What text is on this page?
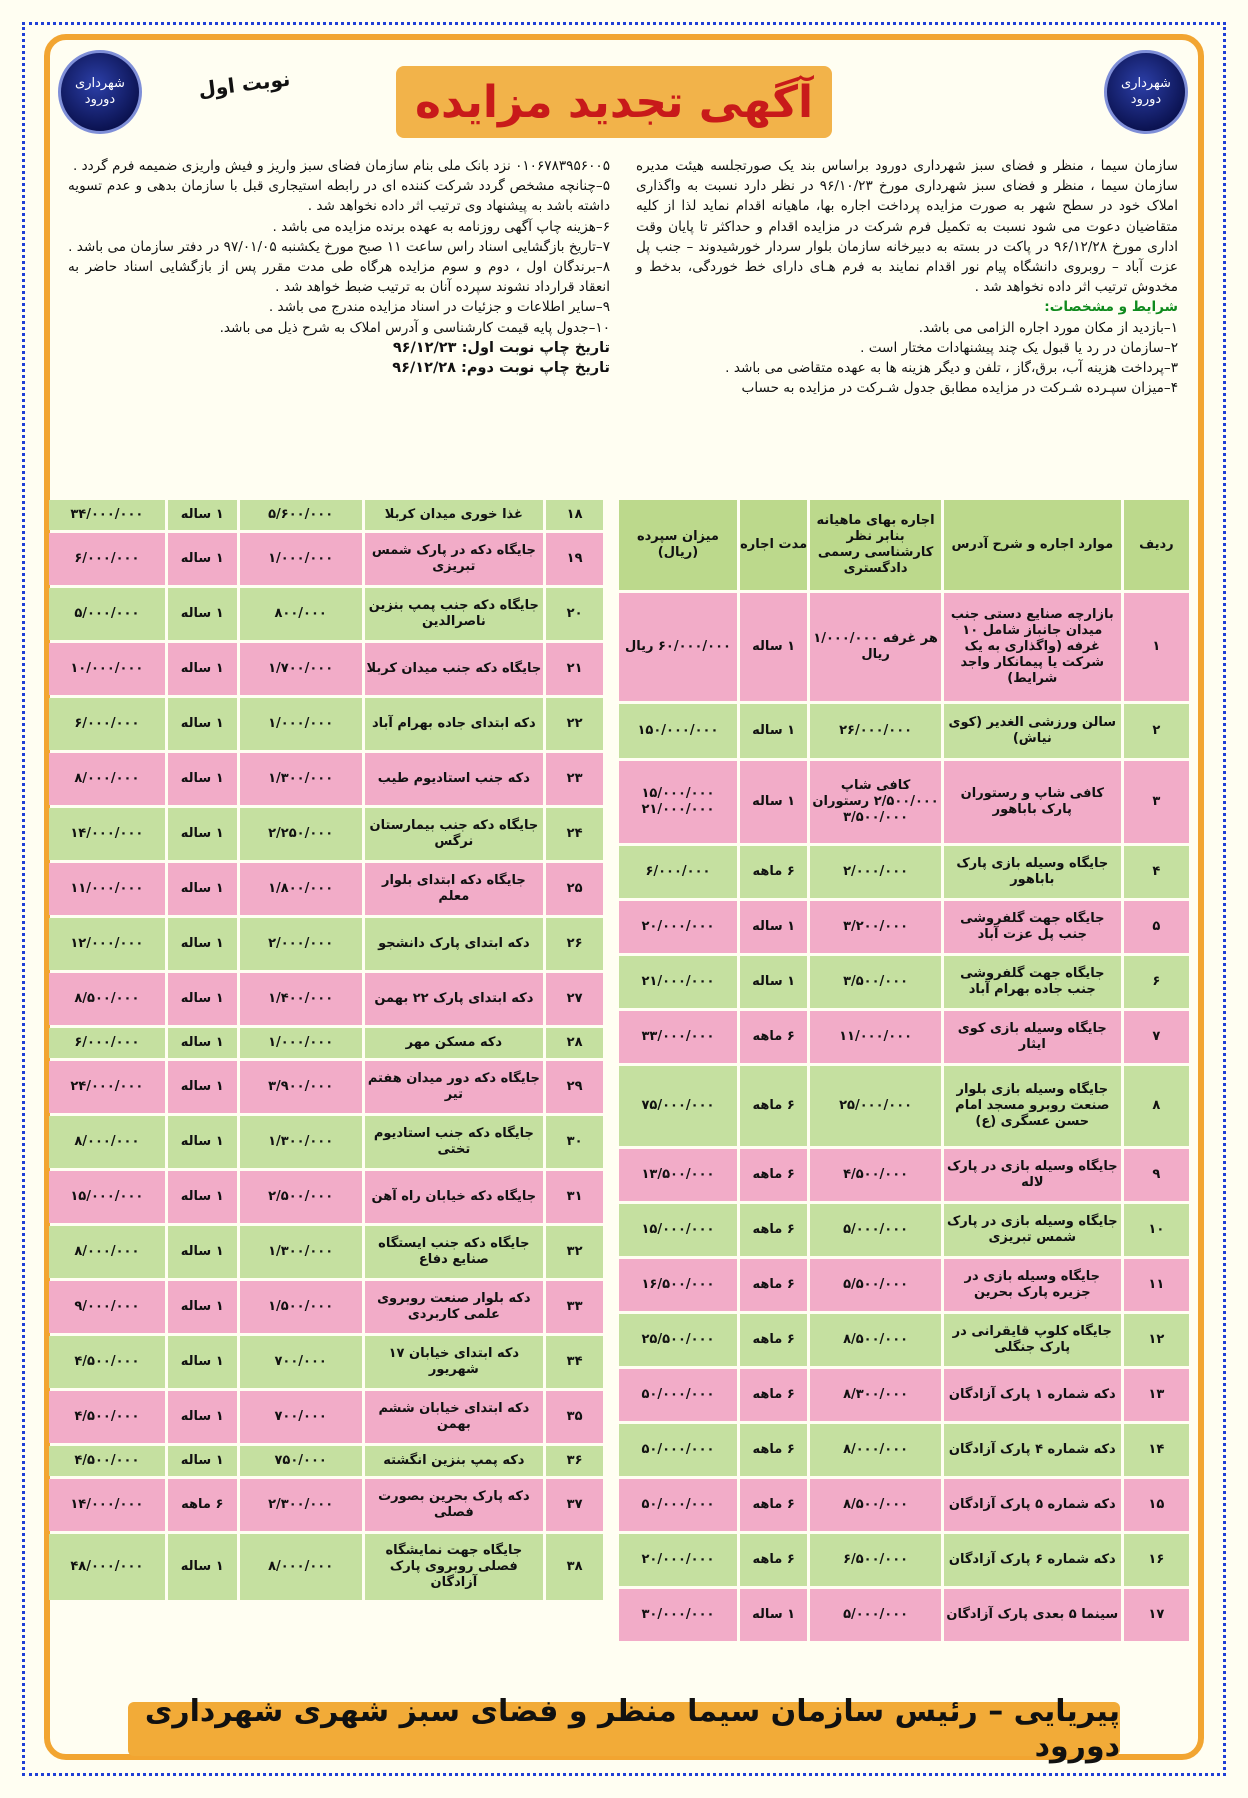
شهرداری دورود
شهرداری دورود	آگهی تجدید مزایده
نوبت اول

سازمان سیما ، منظر و فضای سبز شهرداری دورود براساس بند یک صورتجلسه هیئت مدیره سازمان سیما ، منظر و فضای سبز شهرداری مورخ ۹۶/۱۰/۲۳ در نظر دارد نسبت به واگذاری املاک خود در سطح شهر به صورت مزایده پرداخت اجاره بها، ماهیانه اقدام نماید لذا از کلیه متقاضیان دعوت می شود نسبت به تکمیل فرم شرکت در مزایده اقدام و حداکثر تا پایان وقت اداری مورخ ۹۶/۱۲/۲۸ در پاکت در بسته به دبیرخانه سازمان بلوار سردار خورشیدوند – جنب پل عزت آباد – روبروی دانشگاه پیام نور اقدام نمایند به فرم هـای دارای خط خوردگی، بدخط و مخدوش ترتیب اثر داده نخواهد شد .

شرایط و مشخصات:

۱–بازدید از مکان مورد اجاره الزامی می باشد.

۲–سازمان در رد یا قبول یک چند پیشنهادات مختار است .

۳–پرداخت هزینه آب، برق،گاز ، تلفن و دیگر هزینه ها به عهده متقاضی می باشد .

۴–میزان سپـرده شـرکت در مزایده مطابق جدول شـرکت در مزایده به حساب

۰۱۰۶۷۸۳۹۵۶۰۰۵ نزد بانک ملی بنام سازمان فضای سبز واریز و فیش واریزی ضمیمه فرم گردد .

۵–چنانچه مشخص گردد شرکت کننده ای در رابطه استیجاری قبل با سازمان بدهی و عدم تسویه داشته باشد به پیشنهاد وی ترتیب اثر داده نخواهد شد .

۶–هزینه چاپ آگهی روزنامه به عهده برنده مزایده می باشد .

۷–تاریخ بازگشایی اسناد راس ساعت ۱۱ صبح مورخ یکشنبه ۹۷/۰۱/۰۵ در دفتر سازمان می باشد .

۸–برندگان اول ، دوم و سوم مزایده هرگاه طی مدت مقرر پس از بازگشایی اسناد حاضر به انعقاد قرارداد نشوند سپرده آنان به ترتیب ضبط خواهد شد .

۹–سایر اطلاعات و جزئیات در اسناد مزایده مندرج می باشد .

۱۰–جدول پایه قیمت کارشناسی و آدرس املاک به شرح ذیل می باشد.

تاریخ چاپ نوبت اول: ۹۶/۱۲/۲۳

تاریخ چاپ نوبت دوم: ۹۶/۱۲/۲۸

ردیف	موارد اجاره و شرح آدرس	اجاره بهای ماهیانه بنابر نظر کارشناسی رسمی دادگستری	مدت اجاره	میزان سپرده (ریال)
۱	بازارچه صنایع دستی جنب میدان جانباز شامل ۱۰ غرفه (واگذاری به یک شرکت یا پیمانکار واجد شرایط)	هر غرفه ۱/۰۰۰/۰۰۰ ریال	۱ ساله	۶۰/۰۰۰/۰۰۰ ریال
۲	سالن ورزشی الغدیر (کوی نیاش)	۲۶/۰۰۰/۰۰۰	۱ ساله	۱۵۰/۰۰۰/۰۰۰
۳	کافی شاپ و رستوران پارک باباهور	کافی شاپ ۲/۵۰۰/۰۰۰ رستوران ۳/۵۰۰/۰۰۰	۱ ساله	۱۵/۰۰۰/۰۰۰ ۲۱/۰۰۰/۰۰۰
۴	جایگاه وسیله بازی پارک باباهور	۲/۰۰۰/۰۰۰	۶ ماهه	۶/۰۰۰/۰۰۰
۵	جایگاه جهت گلفروشی جنب پل عزت آباد	۳/۲۰۰/۰۰۰	۱ ساله	۲۰/۰۰۰/۰۰۰
۶	جایگاه جهت گلفروشی جنب جاده بهرام آباد	۳/۵۰۰/۰۰۰	۱ ساله	۲۱/۰۰۰/۰۰۰
۷	جایگاه وسیله بازی کوی ایثار	۱۱/۰۰۰/۰۰۰	۶ ماهه	۳۳/۰۰۰/۰۰۰
۸	جایگاه وسیله بازی بلوار صنعت روبرو مسجد امام حسن عسگری (ع)	۲۵/۰۰۰/۰۰۰	۶ ماهه	۷۵/۰۰۰/۰۰۰
۹	جایگاه وسیله بازی در پارک لاله	۴/۵۰۰/۰۰۰	۶ ماهه	۱۳/۵۰۰/۰۰۰
۱۰	جایگاه وسیله بازی در پارک شمس تبریزی	۵/۰۰۰/۰۰۰	۶ ماهه	۱۵/۰۰۰/۰۰۰
۱۱	جایگاه وسیله بازی در جزیره پارک بحرین	۵/۵۰۰/۰۰۰	۶ ماهه	۱۶/۵۰۰/۰۰۰
۱۲	جایگاه کلوپ قایقرانی در پارک جنگلی	۸/۵۰۰/۰۰۰	۶ ماهه	۲۵/۵۰۰/۰۰۰
۱۳	دکه شماره ۱ پارک آزادگان	۸/۳۰۰/۰۰۰	۶ ماهه	۵۰/۰۰۰/۰۰۰
۱۴	دکه شماره ۴ پارک آزادگان	۸/۰۰۰/۰۰۰	۶ ماهه	۵۰/۰۰۰/۰۰۰
۱۵	دکه شماره ۵ پارک آزادگان	۸/۵۰۰/۰۰۰	۶ ماهه	۵۰/۰۰۰/۰۰۰
۱۶	دکه شماره ۶ پارک آزادگان	۶/۵۰۰/۰۰۰	۶ ماهه	۲۰/۰۰۰/۰۰۰
۱۷	سینما ۵ بعدی پارک آزادگان	۵/۰۰۰/۰۰۰	۱ ساله	۳۰/۰۰۰/۰۰۰
۱۸	غذا خوری میدان کربلا	۵/۶۰۰/۰۰۰	۱ ساله	۳۴/۰۰۰/۰۰۰
۱۹	جایگاه دکه در پارک شمس تبریزی	۱/۰۰۰/۰۰۰	۱ ساله	۶/۰۰۰/۰۰۰
۲۰	جایگاه دکه جنب پمپ بنزین ناصرالدین	۸۰۰/۰۰۰	۱ ساله	۵/۰۰۰/۰۰۰
۲۱	جایگاه دکه جنب میدان کربلا	۱/۷۰۰/۰۰۰	۱ ساله	۱۰/۰۰۰/۰۰۰
۲۲	دکه ابتدای جاده بهرام آباد	۱/۰۰۰/۰۰۰	۱ ساله	۶/۰۰۰/۰۰۰
۲۳	دکه جنب استادیوم طیب	۱/۳۰۰/۰۰۰	۱ ساله	۸/۰۰۰/۰۰۰
۲۴	جایگاه دکه جنب بیمارستان نرگس	۲/۲۵۰/۰۰۰	۱ ساله	۱۴/۰۰۰/۰۰۰
۲۵	جایگاه دکه ابتدای بلوار معلم	۱/۸۰۰/۰۰۰	۱ ساله	۱۱/۰۰۰/۰۰۰
۲۶	دکه ابتدای پارک دانشجو	۲/۰۰۰/۰۰۰	۱ ساله	۱۲/۰۰۰/۰۰۰
۲۷	دکه ابتدای پارک ۲۲ بهمن	۱/۴۰۰/۰۰۰	۱ ساله	۸/۵۰۰/۰۰۰
۲۸	دکه مسکن مهر	۱/۰۰۰/۰۰۰	۱ ساله	۶/۰۰۰/۰۰۰
۲۹	جایگاه دکه دور میدان هفتم تیر	۳/۹۰۰/۰۰۰	۱ ساله	۲۴/۰۰۰/۰۰۰
۳۰	جایگاه دکه جنب استادیوم تختی	۱/۳۰۰/۰۰۰	۱ ساله	۸/۰۰۰/۰۰۰
۳۱	جایگاه دکه خیابان راه آهن	۲/۵۰۰/۰۰۰	۱ ساله	۱۵/۰۰۰/۰۰۰
۳۲	جایگاه دکه جنب ایستگاه صنایع دفاع	۱/۳۰۰/۰۰۰	۱ ساله	۸/۰۰۰/۰۰۰
۳۳	دکه بلوار صنعت روبروی علمی کاربردی	۱/۵۰۰/۰۰۰	۱ ساله	۹/۰۰۰/۰۰۰
۳۴	دکه ابتدای خیابان ۱۷ شهریور	۷۰۰/۰۰۰	۱ ساله	۴/۵۰۰/۰۰۰
۳۵	دکه ابتدای خیابان ششم بهمن	۷۰۰/۰۰۰	۱ ساله	۴/۵۰۰/۰۰۰
۳۶	دکه پمپ بنزین انگشته	۷۵۰/۰۰۰	۱ ساله	۴/۵۰۰/۰۰۰
۳۷	دکه پارک بحرین بصورت فصلی	۲/۳۰۰/۰۰۰	۶ ماهه	۱۴/۰۰۰/۰۰۰
۳۸	جایگاه جهت نمایشگاه فصلی روبروی پارک آزادگان	۸/۰۰۰/۰۰۰	۱ ساله	۴۸/۰۰۰/۰۰۰
پیریایی – رئیس سازمان سیما منظر و فضای سبز شهری شهرداری دورود
